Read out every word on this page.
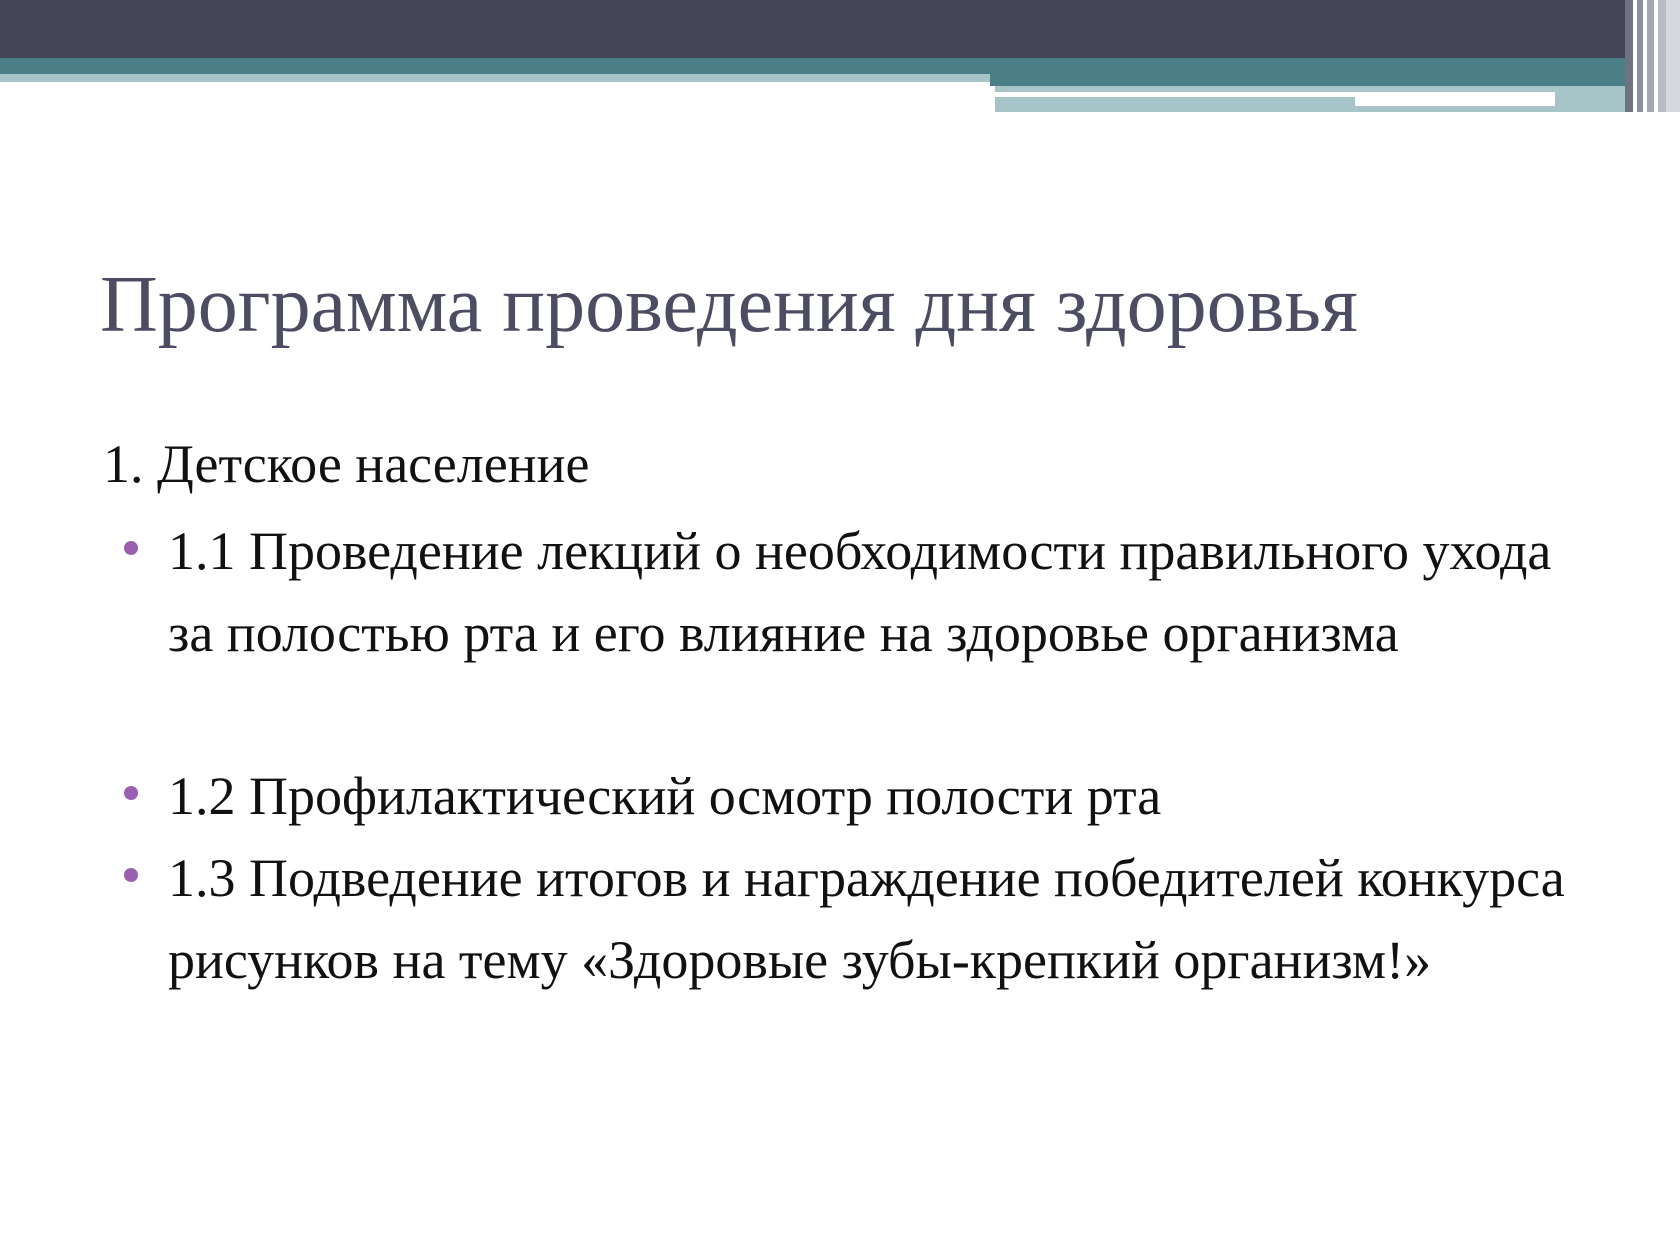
Программа проведения дня здоровья
1. Детское население
1.1 Проведение лекций о необходимости правильного ухода за полостью рта и его влияние на здоровье организма
1.2 Профилактический осмотр полости рта
1.3 Подведение итогов и награждение победителей конкурса рисунков на тему «Здоровые зубы-крепкий организм!»
